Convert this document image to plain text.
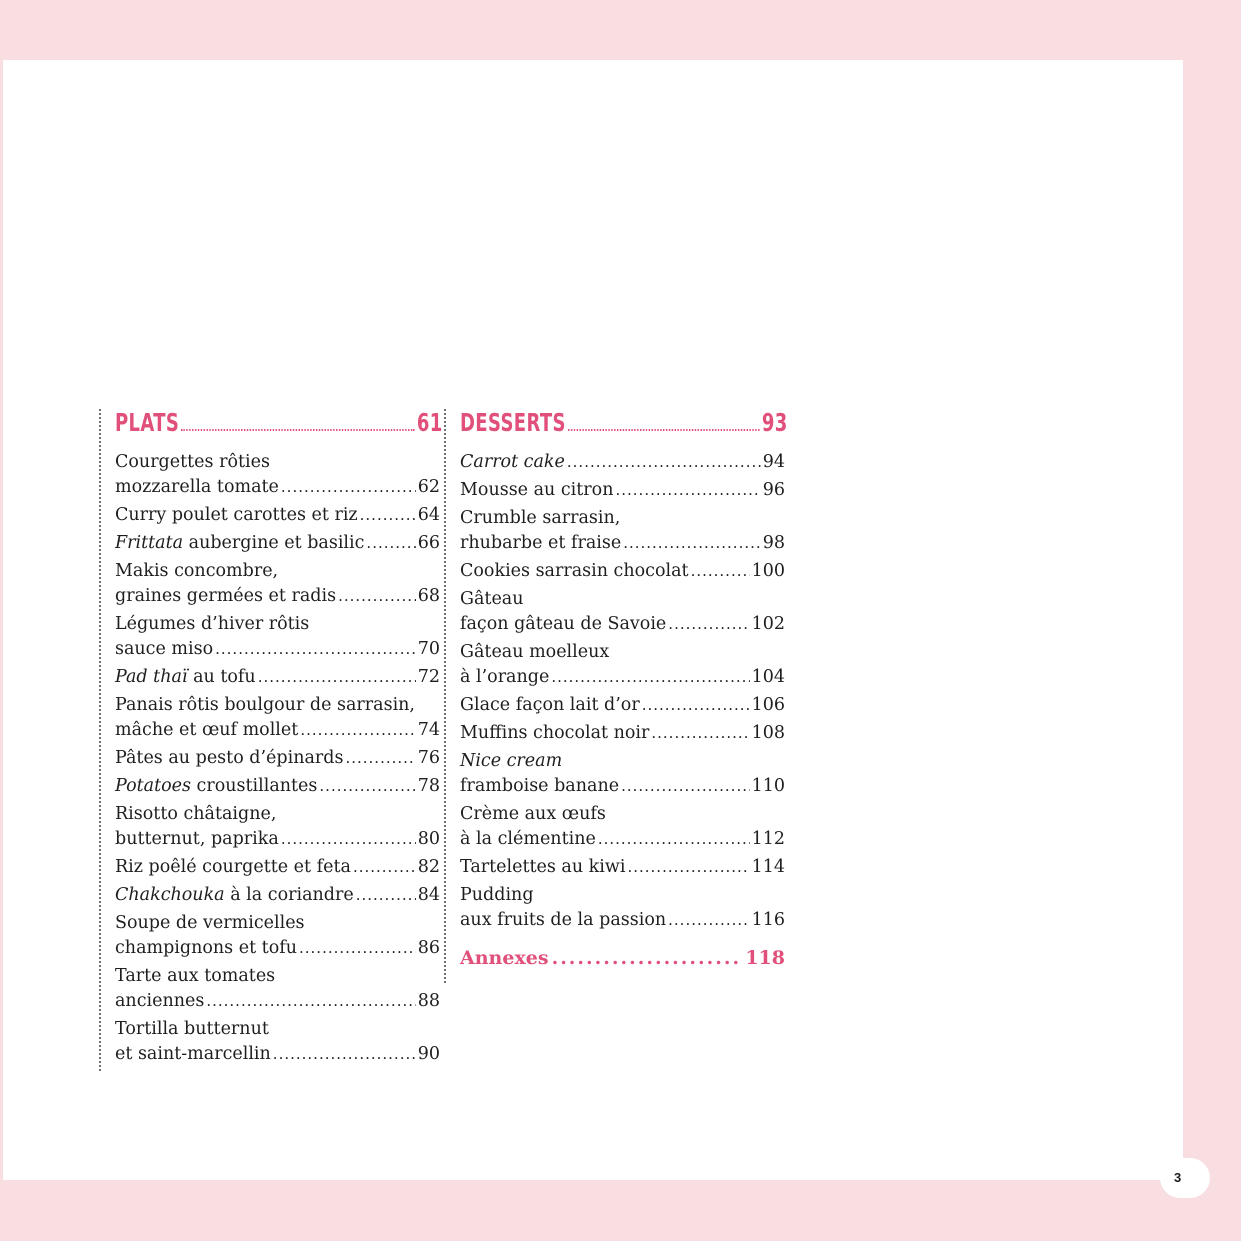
3
PLATS	61
Courgettes rôties
mozzarella tomate .....	62
Curry poulet carottes et riz .....	64
Frittata aubergine et basilic .....	66
Makis concombre,
graines germées et radis .....	68
Légumes d’hiver rôtis
sauce miso .....	70
Pad thaï au tofu .....	72
Panais rôtis boulgour de sarrasin,
mâche et œuf mollet .....	74
Pâtes au pesto d’épinards .....	76
Potatoes croustillantes .....	78
Risotto châtaigne,
butternut, paprika .....	80
Riz poêlé courgette et feta .....	82
Chakchouka à la coriandre .....	84
Soupe de vermicelles
champignons et tofu .....	86
Tarte aux tomates
anciennes .....	88
Tortilla butternut
et saint-marcellin .....	90
DESSERTS	93
Carrot cake .....	94
Mousse au citron .....	96
Crumble sarrasin,
rhubarbe et fraise .....	98
Cookies sarrasin chocolat .....	100
Gâteau
façon gâteau de Savoie .....	102
Gâteau moelleux
à l’orange .....	104
Glace façon lait d’or .....	106
Muffins chocolat noir .....	108
Nice cream
framboise banane .....	110
Crème aux œufs
à la clémentine .....	112
Tartelettes au kiwi .....	114
Pudding
aux fruits de la passion .....	116
Annexes .....	118
